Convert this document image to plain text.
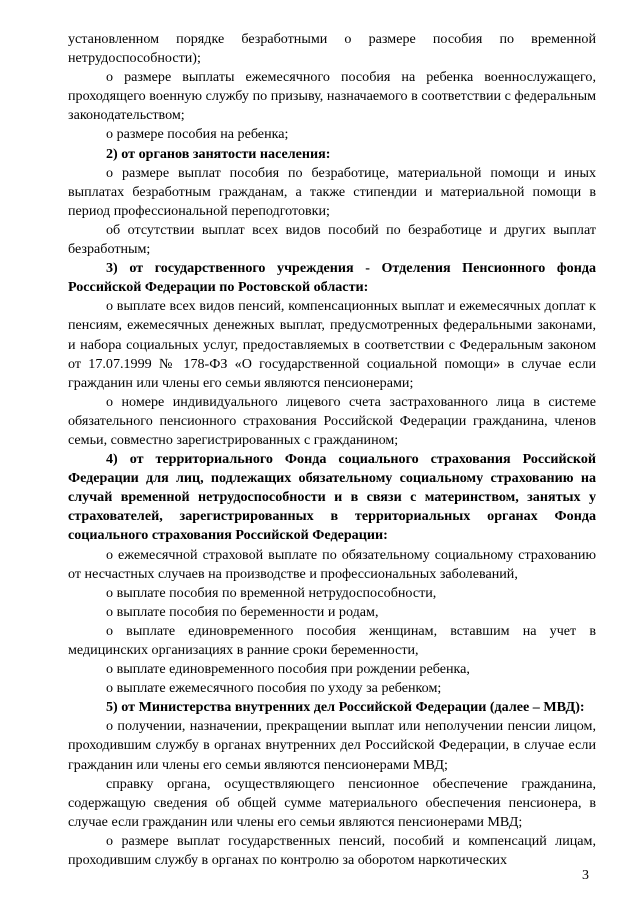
установленном порядке безработными о размере пособия по временной нетрудоспособности);

о размере выплаты ежемесячного пособия на ребенка военнослужащего, проходящего военную службу по призыву, назначаемого в соответствии с федеральным законодательством;

о размере пособия на ребенка;

2) от органов занятости населения:

о размере выплат пособия по безработице, материальной помощи и иных выплатах безработным гражданам, а также стипендии и материальной помощи в период профессиональной переподготовки;

об отсутствии выплат всех видов пособий по безработице и других выплат безработным;

3) от государственного учреждения - Отделения Пенсионного фонда Российской Федерации по Ростовской области:

о выплате всех видов пенсий, компенсационных выплат и ежемесячных доплат к пенсиям, ежемесячных денежных выплат, предусмотренных федеральными законами, и набора социальных услуг, предоставляемых в соответствии с Федеральным законом от 17.07.1999 № 178-ФЗ «О государственной социальной помощи» в случае если гражданин или члены его семьи являются пенсионерами;

о номере индивидуального лицевого счета застрахованного лица в системе обязательного пенсионного страхования Российской Федерации гражданина, членов семьи, совместно зарегистрированных с гражданином;

4) от территориального Фонда социального страхования Российской Федерации для лиц, подлежащих обязательному социальному страхованию на случай временной нетрудоспособности и в связи с материнством, занятых у страхователей, зарегистрированных в территориальных органах Фонда социального страхования Российской Федерации:

о ежемесячной страховой выплате по обязательному социальному страхованию от несчастных случаев на производстве и профессиональных заболеваний,

о выплате пособия по временной нетрудоспособности,

о выплате пособия по беременности и родам,

о выплате единовременного пособия женщинам, вставшим на учет в медицинских организациях в ранние сроки беременности,

о выплате единовременного пособия при рождении ребенка,

о выплате ежемесячного пособия по уходу за ребенком;

5) от Министерства внутренних дел Российской Федерации (далее – МВД):

о получении, назначении, прекращении выплат или неполучении пенсии лицом, проходившим службу в органах внутренних дел Российской Федерации, в случае если гражданин или члены его семьи являются пенсионерами МВД;

справку органа, осуществляющего пенсионное обеспечение гражданина, содержащую сведения об общей сумме материального обеспечения пенсионера, в случае если гражданин или члены его семьи являются пенсионерами МВД;

о размере выплат государственных пенсий, пособий и компенсаций лицам, проходившим службу в органах по контролю за оборотом наркотических

3
